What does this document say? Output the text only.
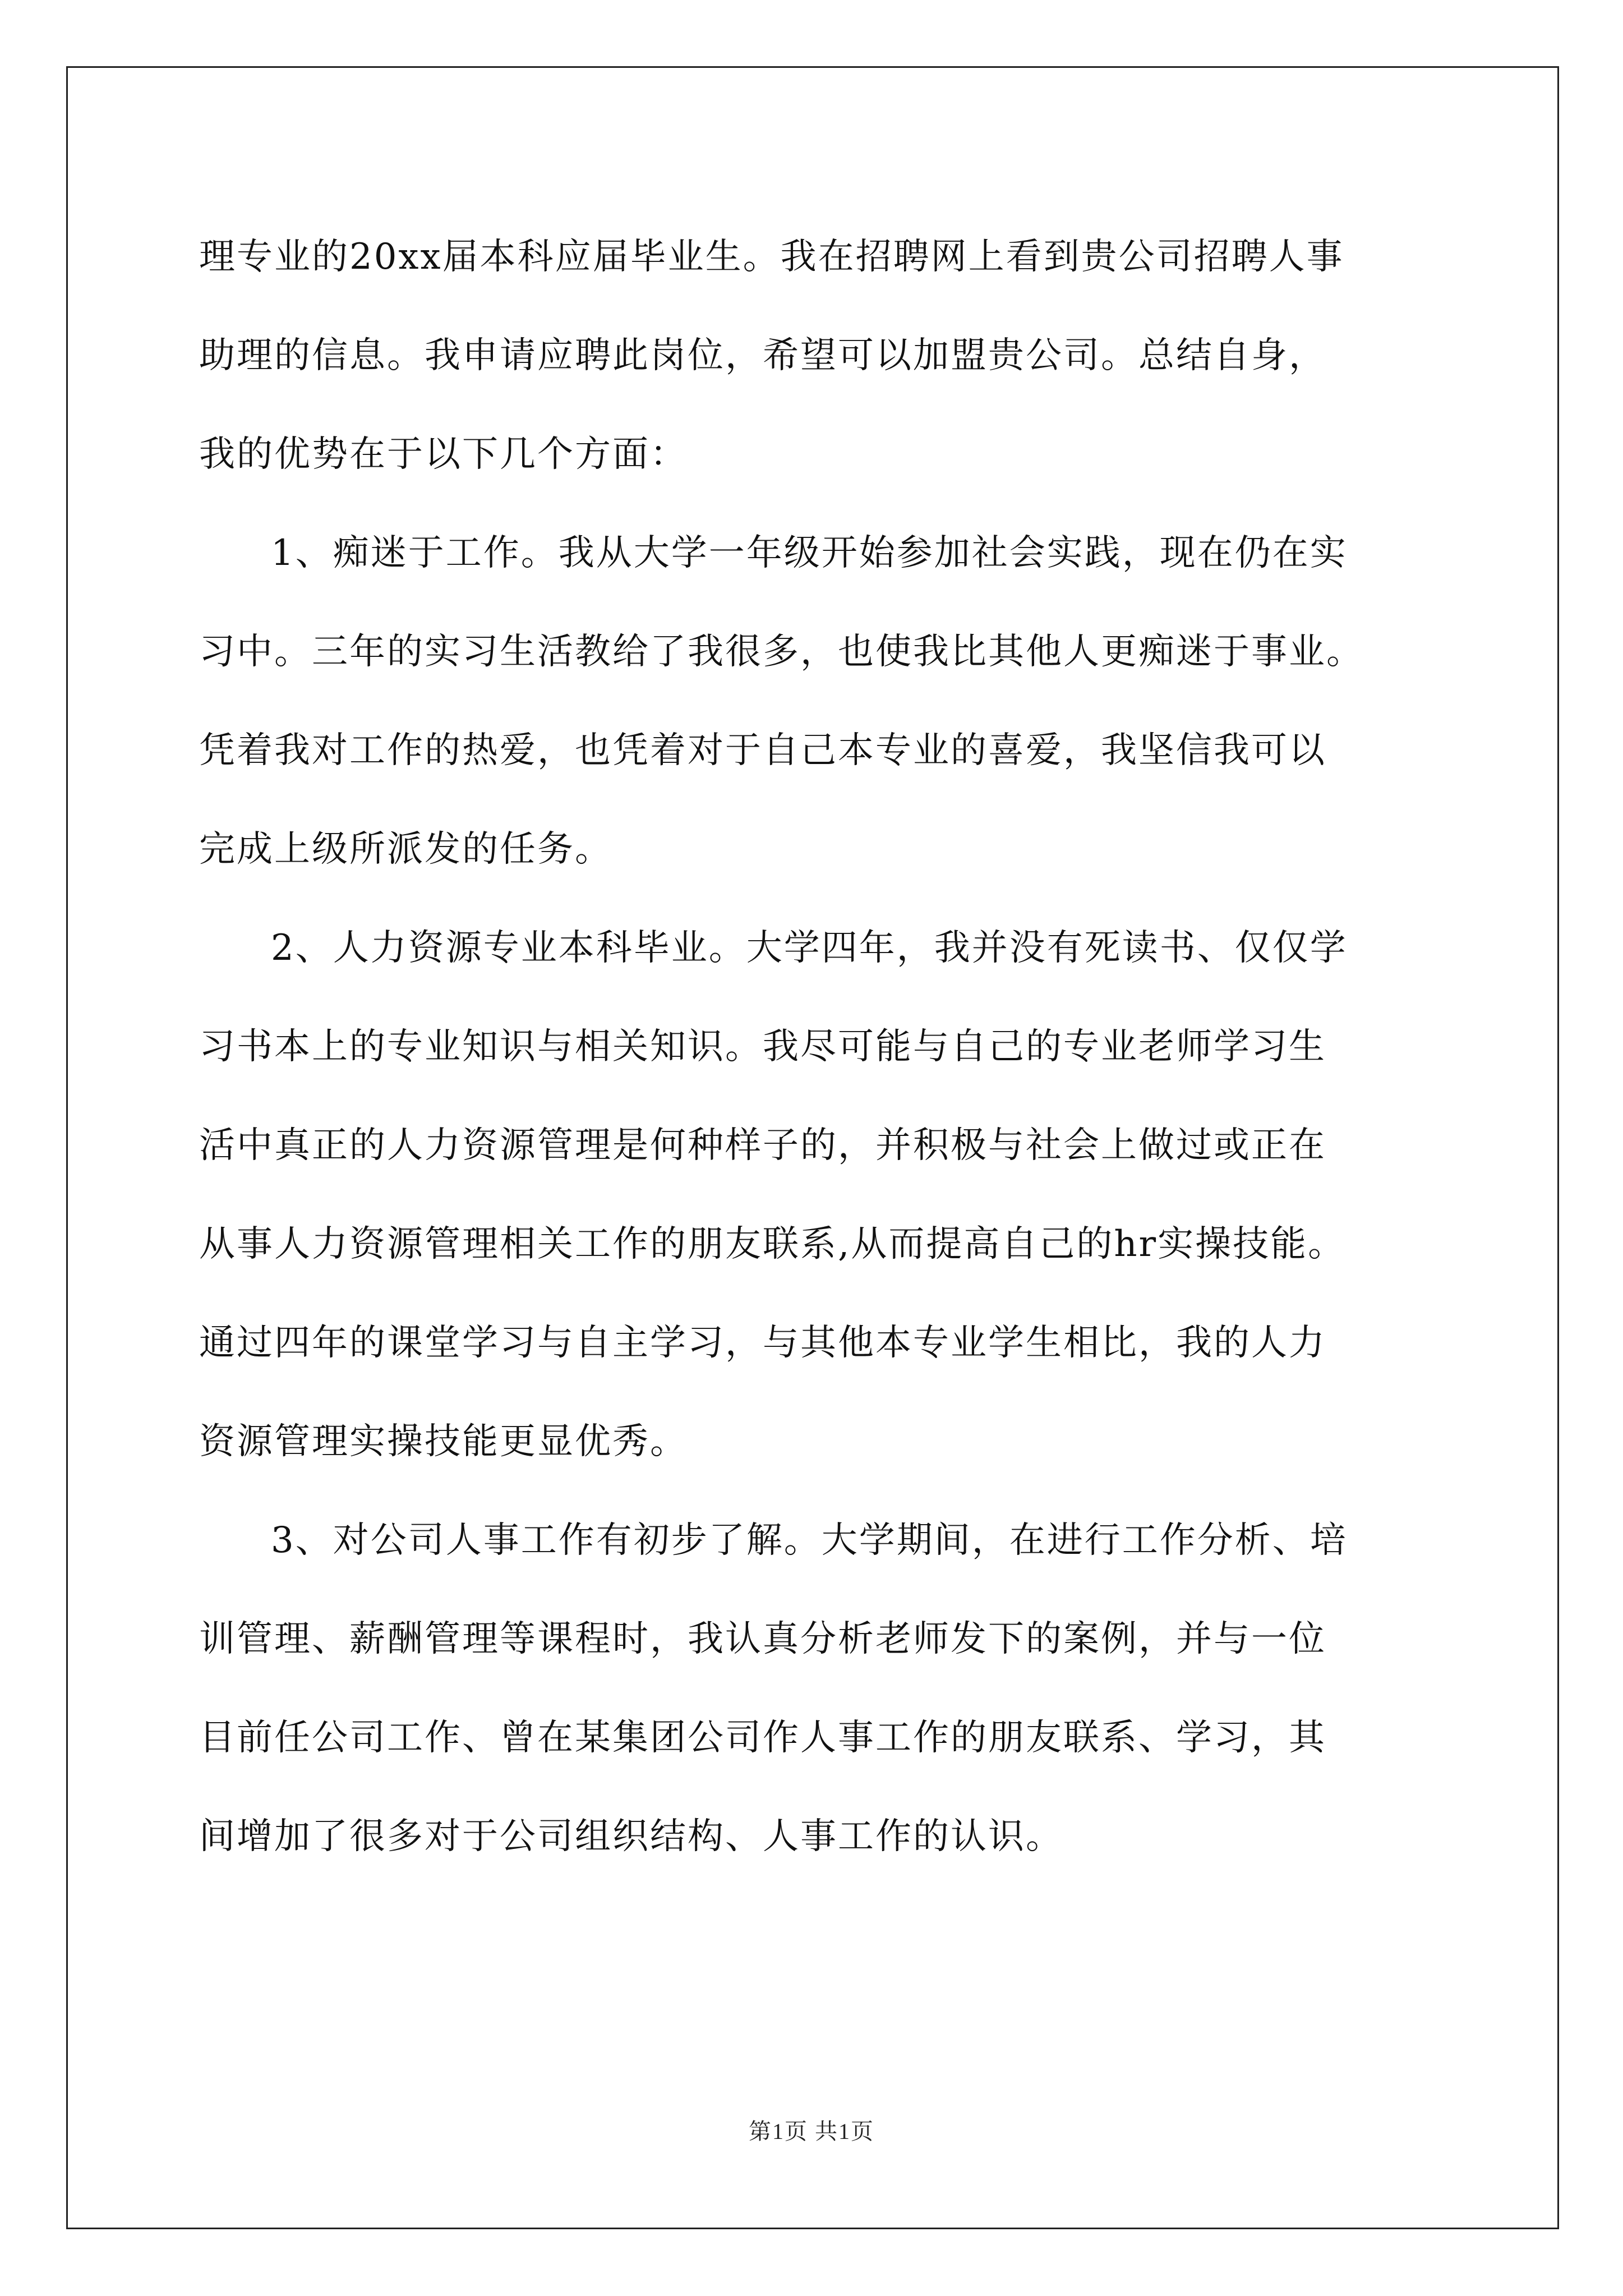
理专业的20xx届本科应届毕业生。我在招聘网上看到贵公司招聘人事
助理的信息。我申请应聘此岗位，希望可以加盟贵公司。总结自身，
我的优势在于以下几个方面：
1、痴迷于工作。我从大学一年级开始参加社会实践，现在仍在实
习中。三年的实习生活教给了我很多，也使我比其他人更痴迷于事业。
凭着我对工作的热爱，也凭着对于自己本专业的喜爱，我坚信我可以
完成上级所派发的任务。
2、人力资源专业本科毕业。大学四年，我并没有死读书、仅仅学
习书本上的专业知识与相关知识。我尽可能与自己的专业老师学习生
活中真正的人力资源管理是何种样子的，并积极与社会上做过或正在
从事人力资源管理相关工作的朋友联系,从而提高自己的hr实操技能。
通过四年的课堂学习与自主学习，与其他本专业学生相比，我的人力
资源管理实操技能更显优秀。
3、对公司人事工作有初步了解。大学期间，在进行工作分析、培
训管理、薪酬管理等课程时，我认真分析老师发下的案例，并与一位
目前任公司工作、曾在某集团公司作人事工作的朋友联系、学习，其
间增加了很多对于公司组织结构、人事工作的认识。
第1页 共1页
